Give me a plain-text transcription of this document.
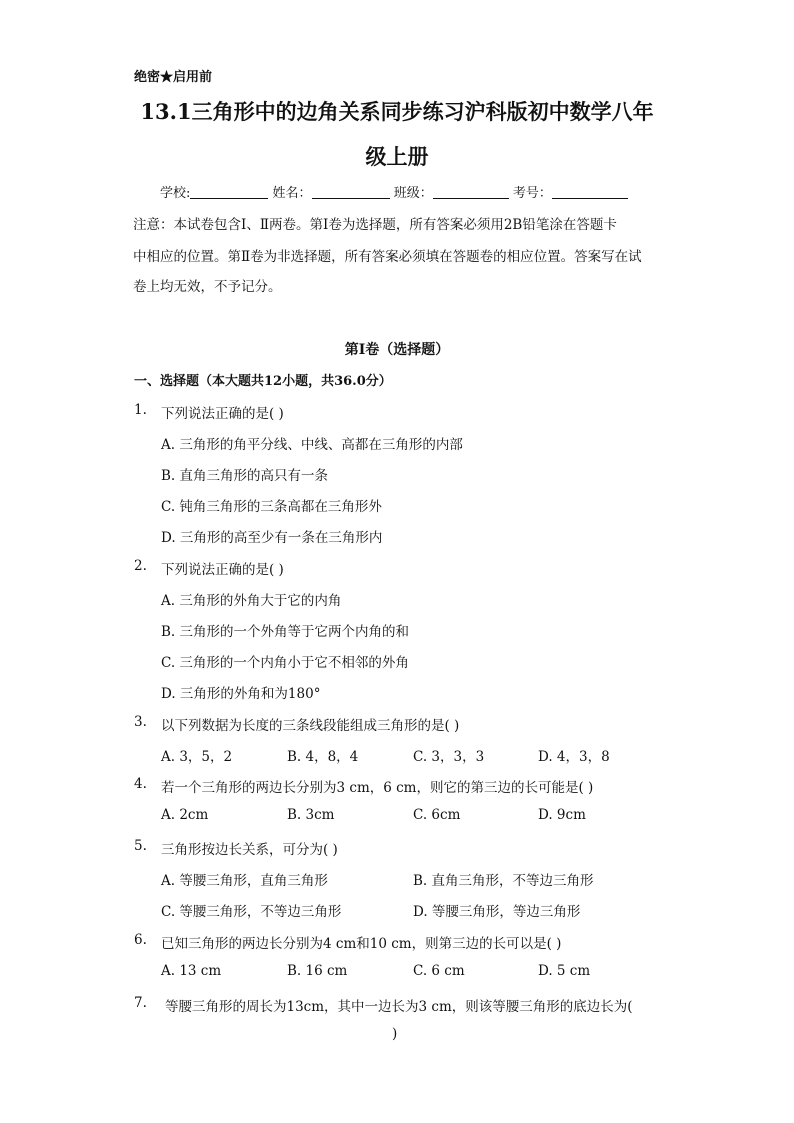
绝密★启用前
13.1三角形中的边角关系同步练习沪科版初中数学八年
级上册
学校:	姓名：	班级：	考号：
注意：本试卷包含Ⅰ、Ⅱ两卷。第Ⅰ卷为选择题，所有答案必须用2B铅笔涂在答题卡
中相应的位置。第Ⅱ卷为非选择题，所有答案必须填在答题卷的相应位置。答案写在试
卷上均无效，不予记分。
第Ⅰ卷（选择题）
一、选择题（本大题共12小题，共36.0分）
1. 下列说法正确的是( )
A. 三角形的角平分线、中线、高都在三角形的内部
B. 直角三角形的高只有一条
C. 钝角三角形的三条高都在三角形外
D. 三角形的高至少有一条在三角形内
2. 下列说法正确的是( )
A. 三角形的外角大于它的内角
B. 三角形的一个外角等于它两个内角的和
C. 三角形的一个内角小于它不相邻的外角
D. 三角形的外角和为180°
3. 以下列数据为长度的三条线段能组成三角形的是( )
A. 3，5，2	B. 4，8，4	C. 3，3，3	D. 4，3，8
4. 若一个三角形的两边长分别为3 cm，6 cm，则它的第三边的长可能是( )
A. 2cm	B. 3cm	C. 6cm	D. 9cm
5. 三角形按边长关系，可分为( )
A. 等腰三角形，直角三角形	B. 直角三角形，不等边三角形
C. 等腰三角形，不等边三角形	D. 等腰三角形，等边三角形
6. 已知三角形的两边长分别为4 cm和10 cm，则第三边的长可以是( )
A. 13 cm	B. 16 cm	C. 6 cm	D. 5 cm
7. 等腰三角形的周长为13cm，其中一边长为3 cm，则该等腰三角形的底边长为(
)
